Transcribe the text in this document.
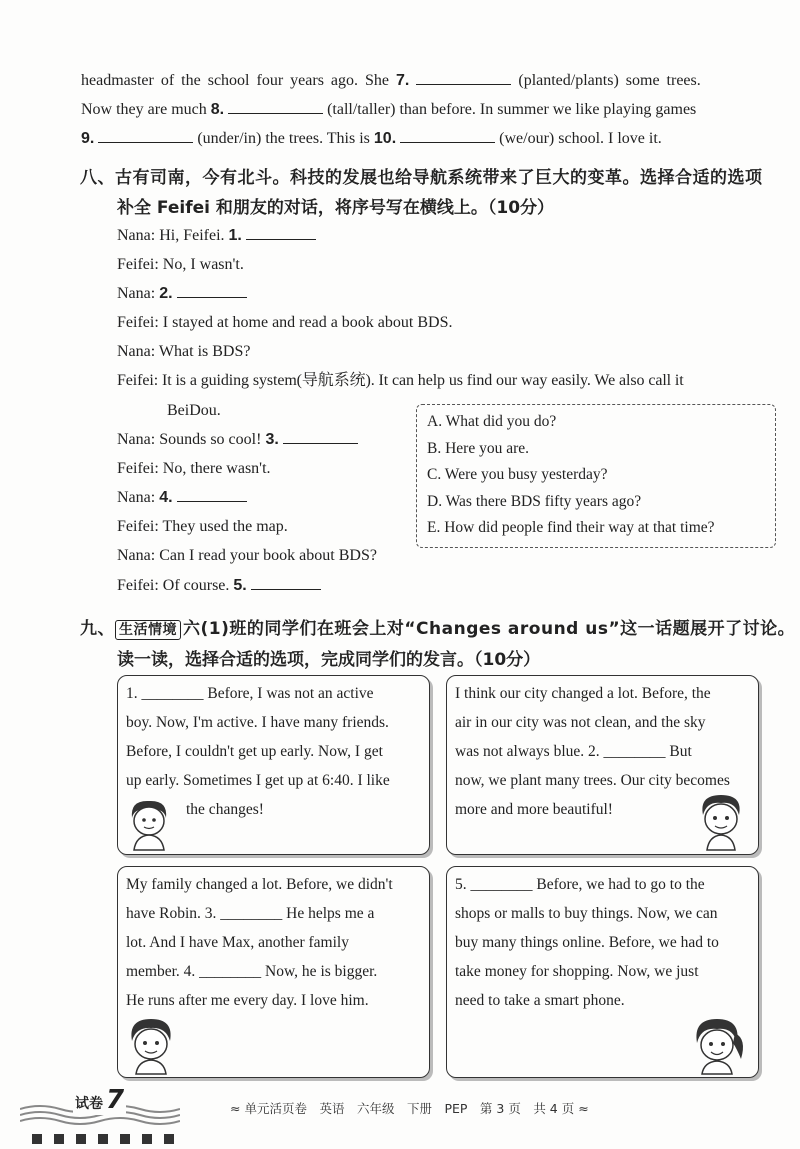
headmaster of the school four years ago. She 7.	(planted/plants) some trees.
Now they are much 8.	(tall/taller) than before. In summer we like playing games
9.	(under/in) the trees. This is 10.	(we/our) school. I love it.
八、古有司南，今有北斗。科技的发展也给导航系统带来了巨大的变革。选择合适的选项
补全 Feifei 和朋友的对话，将序号写在横线上。（10分）
Nana: Hi, Feifei. 1.
Feifei: No, I wasn't.
Nana: 2.
Feifei: I stayed at home and read a book about BDS.
Nana: What is BDS?
Feifei: It is a guiding system(导航系统). It can help us find our way easily. We also call it
BeiDou.
Nana: Sounds so cool! 3.
Feifei: No, there wasn't.
Nana: 4.
Feifei: They used the map.
Nana: Can I read your book about BDS?
Feifei: Of course. 5.
A. What did you do?
B. Here you are.
C. Were you busy yesterday?
D. Was there BDS fifty years ago?
E. How did people find their way at that time?
九、 生活情境 六(1)班的同学们在班会上对“Changes around us”这一话题展开了讨论。
读一读，选择合适的选项，完成同学们的发言。（10分）
1. ________ Before, I was not an active
boy. Now, I'm active. I have many friends.
Before, I couldn't get up early. Now, I get
up early. Sometimes I get up at 6:40. I like
the changes!
I think our city changed a lot. Before, the
air in our city was not clean, and the sky
was not always blue. 2. ________ But
now, we plant many trees. Our city becomes
more and more beautiful!
My family changed a lot. Before, we didn't
have Robin. 3. ________ He helps me a
lot. And I have Max, another family
member. 4. ________ Now, he is bigger.
He runs after me every day. I love him.
5. ________ Before, we had to go to the
shops or malls to buy things. Now, we can
buy many things online. Before, we had to
take money for shopping. Now, we just
need to take a smart phone.
试卷 7	≈ 单元活页卷　英语　六年级　下册　PEP　第 3 页　共 4 页 ≈
